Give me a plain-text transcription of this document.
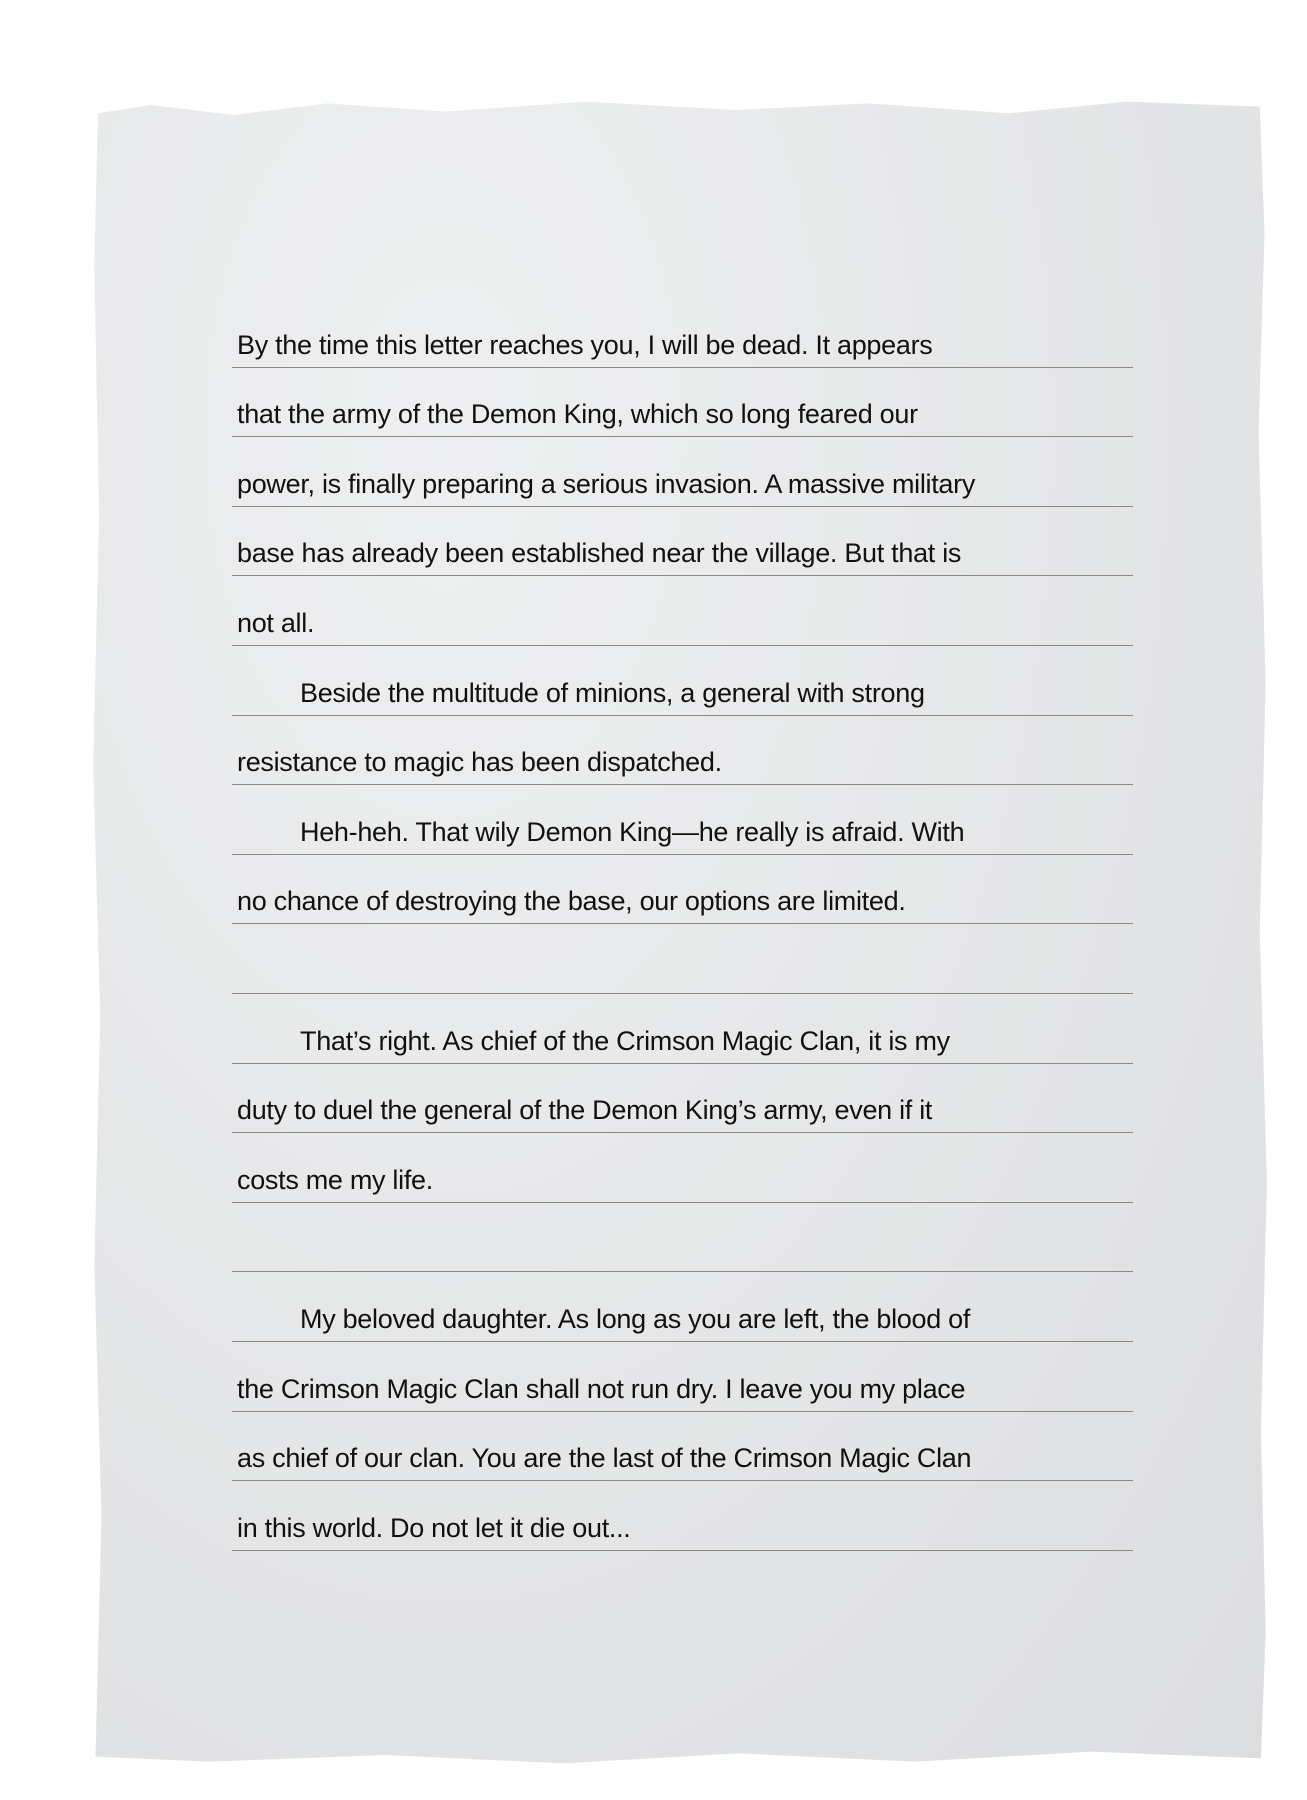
By the time this letter reaches you, I will be dead. It appears
that the army of the Demon King, which so long feared our
power, is finally preparing a serious invasion. A massive military
base has already been established near the village. But that is
not all.
Beside the multitude of minions, a general with strong
resistance to magic has been dispatched.
Heh-heh. That wily Demon King—he really is afraid. With
no chance of destroying the base, our options are limited.
That’s right. As chief of the Crimson Magic Clan, it is my
duty to duel the general of the Demon King’s army, even if it
costs me my life.
My beloved daughter. As long as you are left, the blood of
the Crimson Magic Clan shall not run dry. I leave you my place
as chief of our clan. You are the last of the Crimson Magic Clan
in this world. Do not let it die out...
